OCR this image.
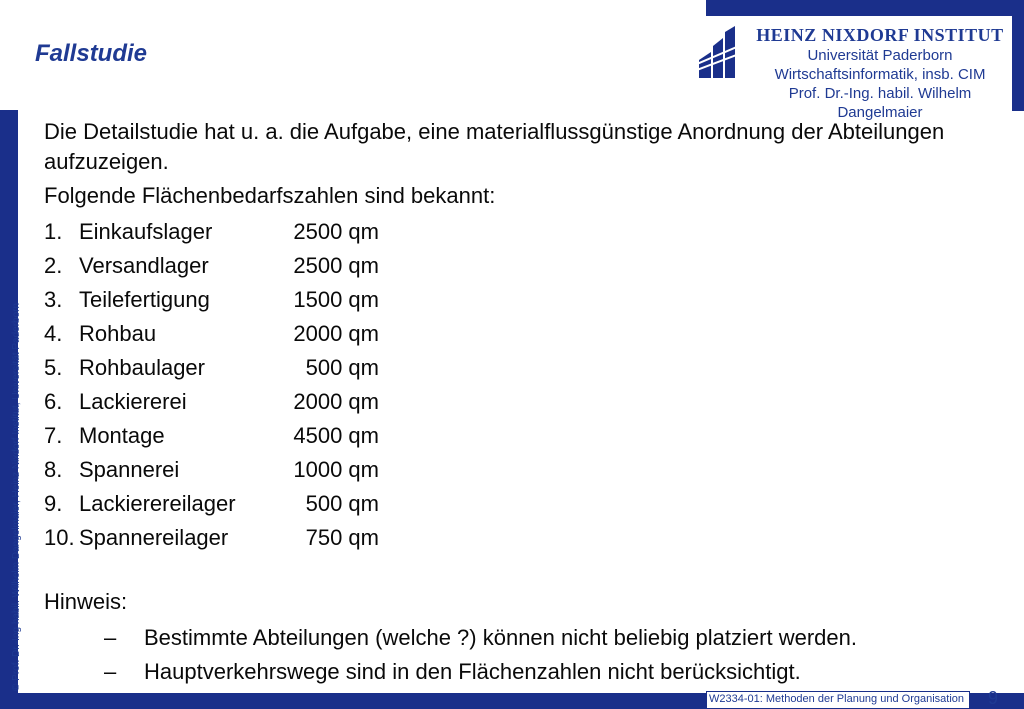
Fallstudie
HEINZ NIXDORF INSTITUT
Universität Paderborn
Wirtschaftsinformatik, insb. CIM
Prof. Dr.-Ing. habil. Wilhelm Dangelmaier
© Prof. Dr.-Ing habil. Wilhelm Dangelmaier, Heinz Nixdorf Institut, Universität Paderborn

Die Detailstudie hat u. a. die Aufgabe, eine materialflussgünstige Anordnung der Abteilungen aufzuzeigen.

Folgende Flächenbedarfszahlen sind bekannt:

1. Einkaufslager	2500 qm
2. Versandlager	2500 qm
3. Teilefertigung	1500 qm
4. Rohbau	2000 qm
5. Rohbaulager	500 qm
6. Lackiererei	2000 qm
7. Montage	4500 qm
8. Spannerei	1000 qm
9. Lackierereilager	500 qm
10. Spannereilager	750 qm

Hinweis:

–	Bestimmte Abteilungen (welche ?) können nicht beliebig platziert werden.
–	Hauptverkehrswege sind in den Flächenzahlen nicht berücksichtigt.
W2334-01: Methoden der Planung und Organisation 9
